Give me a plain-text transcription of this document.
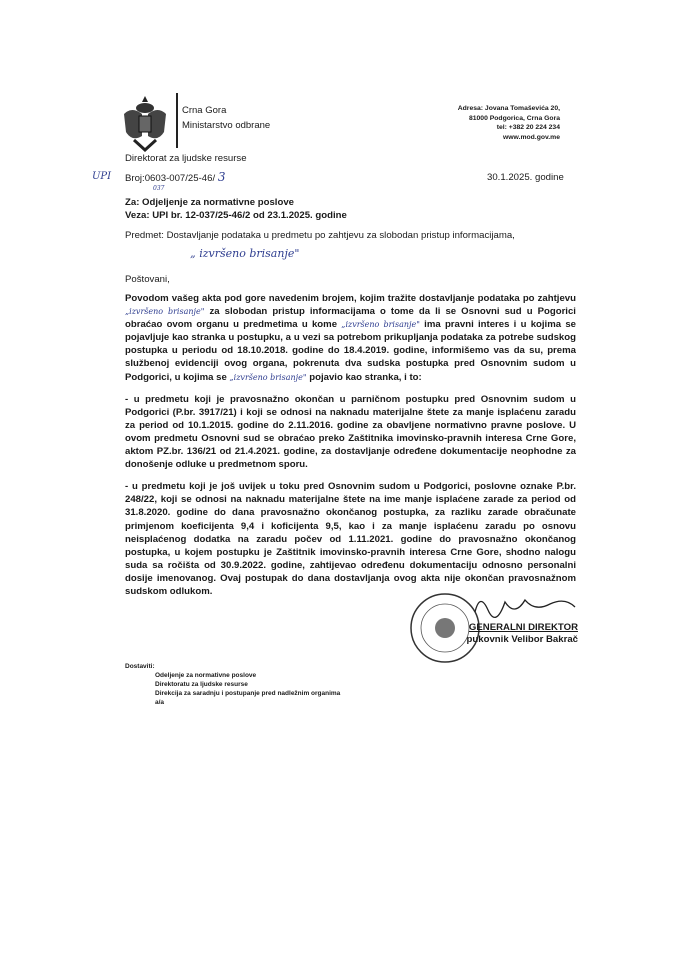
Crna Gora
Ministarstvo odbrane
Adresa: Jovana Tomaševića 20,
81000 Podgorica, Crna Gora
tel: +382 20 224 234
www.mod.gov.me
Direktorat za ljudske resurse
UPI Broj:0603-007/25-46/ 3
037
30.1.2025. godine
Za: Odjeljenje za normativne poslove
Veza: UPI br. 12-037/25-46/2 od 23.1.2025. godine
Predmet: Dostavljanje podataka u predmetu po zahtjevu za slobodan pristup informacijama,
„ izvršeno brisanje"
Poštovani,
Povodom vašeg akta pod gore navedenim brojem, kojim tražite dostavljanje podataka po zahtjevu „izvršeno brisanje" za slobodan pristup informacijama o tome da li se Osnovni sud u Pogorici obraćao ovom organu u predmetima u kome „izvršeno brisanje" ima pravni interes i u kojima se pojavljuje kao stranka u postupku, a u vezi sa potrebom prikupljanja podataka za potrebe sudskog postupka u periodu od 18.10.2018. godine do 18.4.2019. godine, informišemo vas da su, prema službenoj evidenciji ovog organa, pokrenuta dva sudska postupka pred Osnovnim sudom u Podgorici, u kojima se „izvršeno brisanje" pojavio kao stranka, i to:
- u predmetu koji je pravosnažno okončan u parničnom postupku pred Osnovnim sudom u Podgorici (P.br. 3917/21) i koji se odnosi na naknadu materijalne štete za manje isplaćenu zaradu za period od 10.1.2015. godine do 2.11.2016. godine za obavljene normativno pravne poslove. U ovom predmetu Osnovni sud se obraćao preko Zaštitnika imovinsko-pravnih interesa Crne Gore, aktom PZ.br. 136/21 od 21.4.2021. godine, za dostavljanje određene dokumentacije neophodne za donošenje odluke u predmetnom sporu.
- u predmetu koji je još uvijek u toku pred Osnovnim sudom u Podgorici, poslovne oznake P.br. 248/22, koji se odnosi na naknadu materijalne štete na ime manje isplaćene zarade za period od 31.8.2020. godine do dana pravosnažno okončanog postupka, za razliku zarade obračunate primjenom koeficijenta 9,4 i koficijenta 9,5, kao i za manje isplaćenu zaradu po osnovu neisplaćenog dodatka na zaradu počev od 1.11.2021. godine do pravosnažno okončanog postupka, u kojem postupku je Zaštitnik imovinsko-pravnih interesa Crne Gore, shodno nalogu suda sa ročišta od 30.9.2022. godine, zahtijevao određenu dokumentaciju odnosno personalni dosije imenovanog. Ovaj postupak do dana dostavljanja ovog akta nije okončan pravosnažnom sudskom odlukom.
GENERALNI DIREKTOR
pukovnik Velibor Bakrač
Dostaviti:
Odeljenje za normativne poslove
Direktoratu za ljudske resurse
Direkcija za saradnju i postupanje pred nadležnim organima
a/a
